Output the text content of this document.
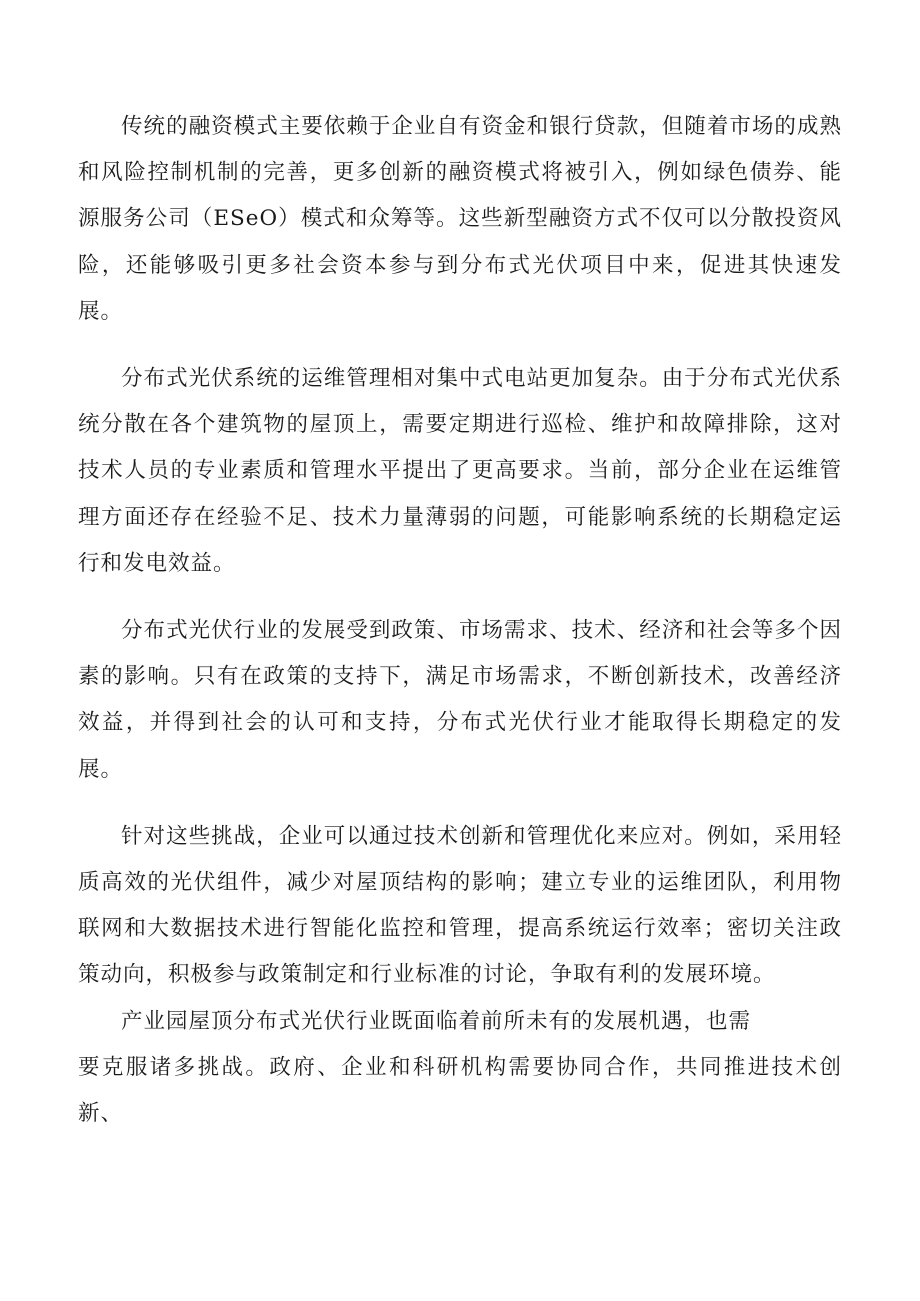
传统的融资模式主要依赖于企业自有资金和银行贷款，但随着市场的成熟和风险控制机制的完善，更多创新的融资模式将被引入，例如绿色债券、能源服务公司（ESeO）模式和众筹等。这些新型融资方式不仅可以分散投资风险，还能够吸引更多社会资本参与到分布式光伏项目中来，促进其快速发展。

分布式光伏系统的运维管理相对集中式电站更加复杂。由于分布式光伏系统分散在各个建筑物的屋顶上，需要定期进行巡检、维护和故障排除，这对技术人员的专业素质和管理水平提出了更高要求。当前，部分企业在运维管理方面还存在经验不足、技术力量薄弱的问题，可能影响系统的长期稳定运行和发电效益。

分布式光伏行业的发展受到政策、市场需求、技术、经济和社会等多个因素的影响。只有在政策的支持下，满足市场需求，不断创新技术，改善经济效益，并得到社会的认可和支持，分布式光伏行业才能取得长期稳定的发展。

针对这些挑战，企业可以通过技术创新和管理优化来应对。例如，采用轻质高效的光伏组件，减少对屋顶结构的影响；建立专业的运维团队，利用物联网和大数据技术进行智能化监控和管理，提高系统运行效率；密切关注政策动向，积极参与政策制定和行业标准的讨论，争取有利的发展环境。

产业园屋顶分布式光伏行业既面临着前所未有的发展机遇，也需

要克服诸多挑战。政府、企业和科研机构需要协同合作，共同推进技术创新、
